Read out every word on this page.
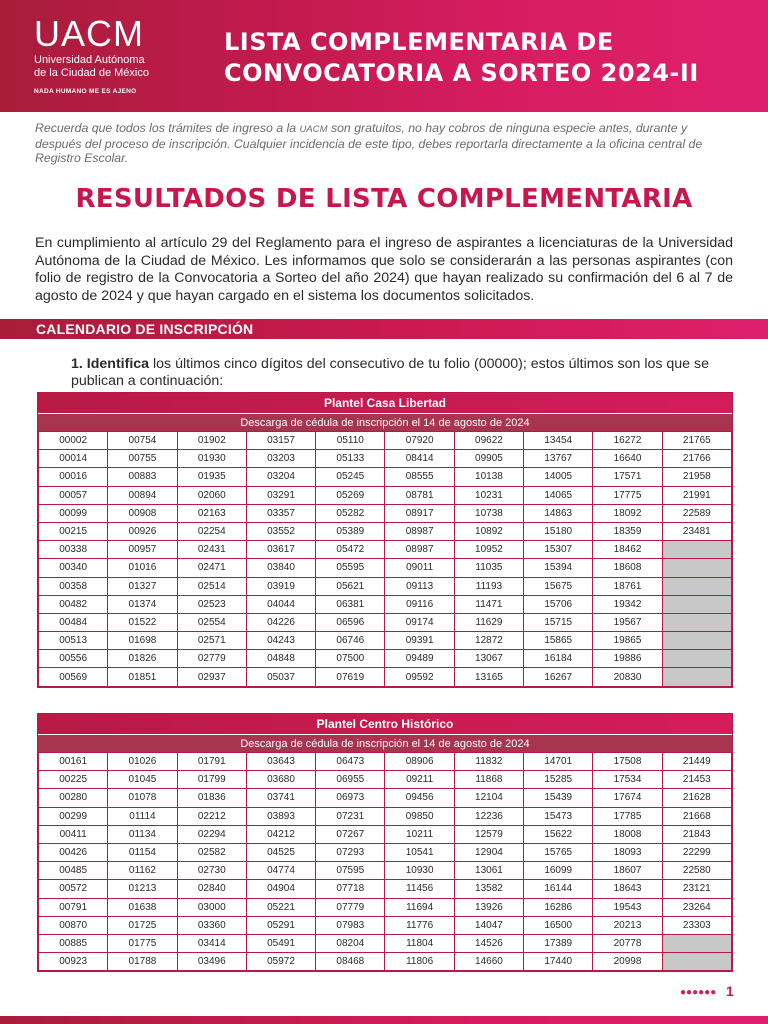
UACM
Universidad Autónoma
de la Ciudad de México
NADA HUMANO ME ES AJENO
LISTA COMPLEMENTARIA DE
CONVOCATORIA A SORTEO 2024-II

Recuerda que todos los trámites de ingreso a la UACM son gratuitos, no hay cobros de ninguna especie antes, durante y después del proceso de inscripción. Cualquier incidencia de este tipo, debes reportarla directamente a la oficina central de Registro Escolar.

RESULTADOS DE LISTA COMPLEMENTARIA

En cumplimiento al artículo 29 del Reglamento para el ingreso de aspirantes a licenciaturas de la Universidad Autónoma de la Ciudad de México. Les informamos que solo se considerarán a las personas aspirantes (con folio de registro de la Convocatoria a Sorteo del año 2024) que hayan realizado su confirmación del 6 al 7 de agosto de 2024 y que hayan cargado en el sistema los documentos solicitados.

CALENDARIO DE INSCRIPCIÓN

1. Identifica los últimos cinco dígitos del consecutivo de tu folio (00000); estos últimos son los que se publican a continuación:

Plantel Casa Libertad
Descarga de cédula de inscripción el 14 de agosto de 2024
00002	00754	01902	03157	05110	07920	09622	13454	16272	21765
00014	00755	01930	03203	05133	08414	09905	13767	16640	21766
00016	00883	01935	03204	05245	08555	10138	14005	17571	21958
00057	00894	02060	03291	05269	08781	10231	14065	17775	21991
00099	00908	02163	03357	05282	08917	10738	14863	18092	22589
00215	00926	02254	03552	05389	08987	10892	15180	18359	23481
00338	00957	02431	03617	05472	08987	10952	15307	18462	
00340	01016	02471	03840	05595	09011	11035	15394	18608	
00358	01327	02514	03919	05621	09113	11193	15675	18761	
00482	01374	02523	04044	06381	09116	11471	15706	19342	
00484	01522	02554	04226	06596	09174	11629	15715	19567	
00513	01698	02571	04243	06746	09391	12872	15865	19865	
00556	01826	02779	04848	07500	09489	13067	16184	19886	
00569	01851	02937	05037	07619	09592	13165	16267	20830	
Plantel Centro Histórico
Descarga de cédula de inscripción el 14 de agosto de 2024
00161	01026	01791	03643	06473	08906	11832	14701	17508	21449
00225	01045	01799	03680	06955	09211	11868	15285	17534	21453
00280	01078	01836	03741	06973	09456	12104	15439	17674	21628
00299	01114	02212	03893	07231	09850	12236	15473	17785	21668
00411	01134	02294	04212	07267	10211	12579	15622	18008	21843
00426	01154	02582	04525	07293	10541	12904	15765	18093	22299
00485	01162	02730	04774	07595	10930	13061	16099	18607	22580
00572	01213	02840	04904	07718	11456	13582	16144	18643	23121
00791	01638	03000	05221	07779	11694	13926	16286	19543	23264
00870	01725	03360	05291	07983	11776	14047	16500	20213	23303
00885	01775	03414	05491	08204	11804	14526	17389	20778	
00923	01788	03496	05972	08468	11806	14660	17440	20998	
●●●●●● 1
